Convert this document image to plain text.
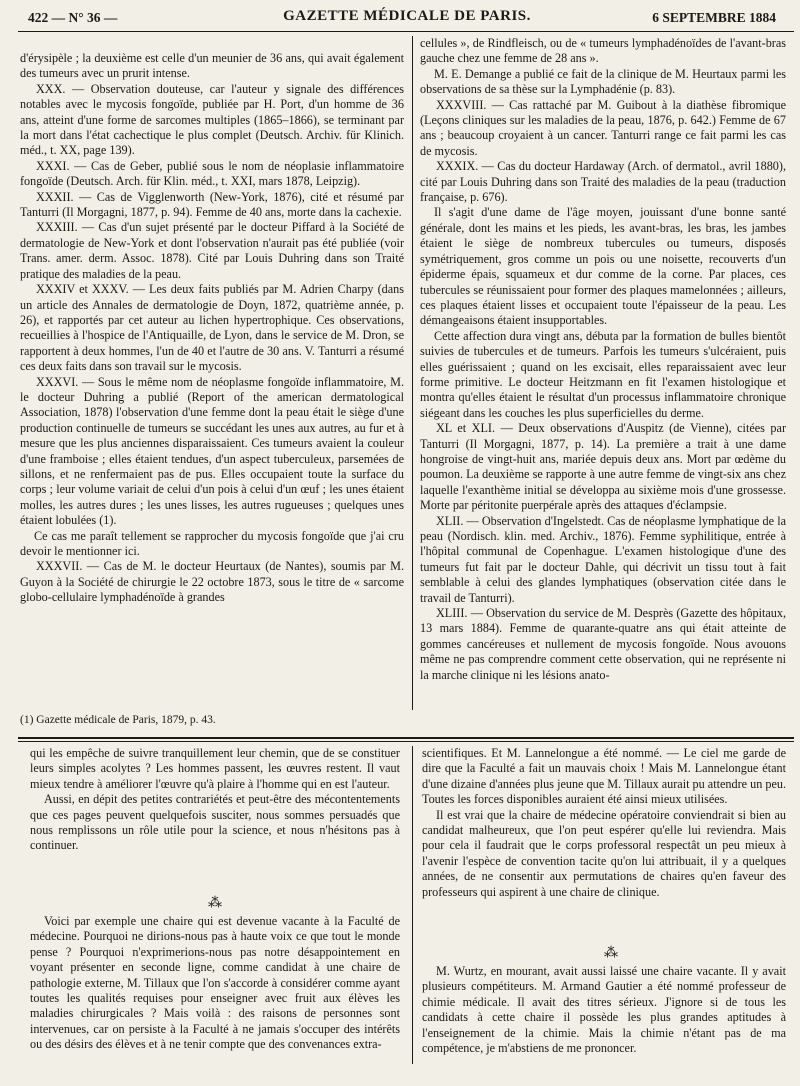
422 — N° 36 —	GAZETTE MÉDICALE DE PARIS.	6 SEPTEMBRE 1884

d'érysipèle ; la deuxième est celle d'un meunier de 36 ans, qui avait également des tumeurs avec un prurit intense.

XXX. — Observation douteuse, car l'auteur y signale des différences notables avec le mycosis fongoïde, publiée par H. Port, d'un homme de 36 ans, atteint d'une forme de sarcomes multiples (1865–1866), se terminant par la mort dans l'état cachectique le plus complet (Deutsch. Archiv. für Klinich. méd., t. XX, page 139).

XXXI. — Cas de Geber, publié sous le nom de néoplasie inflammatoire fongoïde (Deutsch. Arch. für Klin. méd., t. XXI, mars 1878, Leipzig).

XXXII. — Cas de Vigglenworth (New-York, 1876), cité et résumé par Tanturri (Il Morgagni, 1877, p. 94). Femme de 40 ans, morte dans la cachexie.

XXXIII. — Cas d'un sujet présenté par le docteur Piffard à la Société de dermatologie de New-York et dont l'observation n'aurait pas été publiée (voir Trans. amer. derm. Assoc. 1878). Cité par Louis Duhring dans son Traité pratique des maladies de la peau.

XXXIV et XXXV. — Les deux faits publiés par M. Adrien Charpy (dans un article des Annales de dermatologie de Doyn, 1872, quatrième année, p. 26), et rapportés par cet auteur au lichen hypertrophique. Ces observations, recueillies à l'hospice de l'Antiquaille, de Lyon, dans le service de M. Dron, se rapportent à deux hommes, l'un de 40 et l'autre de 30 ans. V. Tanturri a résumé ces deux faits dans son travail sur le mycosis.

XXXVI. — Sous le même nom de néoplasme fongoïde inflammatoire, M. le docteur Duhring a publié (Report of the american dermatological Association, 1878) l'observation d'une femme dont la peau était le siège d'une production continuelle de tumeurs se succédant les unes aux autres, au fur et à mesure que les plus anciennes disparaissaient. Ces tumeurs avaient la couleur d'une framboise ; elles étaient tendues, d'un aspect tuberculeux, parsemées de sillons, et ne renfermaient pas de pus. Elles occupaient toute la surface du corps ; leur volume variait de celui d'un pois à celui d'un œuf ; les unes étaient molles, les autres dures ; les unes lisses, les autres rugueuses ; quelques unes étaient lobulées (1).

Ce cas me paraît tellement se rapprocher du mycosis fongoïde que j'ai cru devoir le mentionner ici.

XXXVII. — Cas de M. le docteur Heurtaux (de Nantes), soumis par M. Guyon à la Société de chirurgie le 22 octobre 1873, sous le titre de « sarcome globo-cellulaire lymphadénoïde à grandes

cellules », de Rindfleisch, ou de « tumeurs lymphadénoïdes de l'avant-bras gauche chez une femme de 28 ans ».

M. E. Demange a publié ce fait de la clinique de M. Heurtaux parmi les observations de sa thèse sur la Lymphadénie (p. 83).

XXXVIII. — Cas rattaché par M. Guibout à la diathèse fibromique (Leçons cliniques sur les maladies de la peau, 1876, p. 642.) Femme de 67 ans ; beaucoup croyaient à un cancer. Tanturri range ce fait parmi les cas de mycosis.

XXXIX. — Cas du docteur Hardaway (Arch. of dermatol., avril 1880), cité par Louis Duhring dans son Traité des maladies de la peau (traduction française, p. 676).

Il s'agit d'une dame de l'âge moyen, jouissant d'une bonne santé générale, dont les mains et les pieds, les avant-bras, les bras, les jambes étaient le siège de nombreux tubercules ou tumeurs, disposés symétriquement, gros comme un pois ou une noisette, recouverts d'un épiderme épais, squameux et dur comme de la corne. Par places, ces tubercules se réunissaient pour former des plaques mamelonnées ; ailleurs, ces plaques étaient lisses et occupaient toute l'épaisseur de la peau. Les démangeaisons étaient insupportables.

Cette affection dura vingt ans, débuta par la formation de bulles bientôt suivies de tubercules et de tumeurs. Parfois les tumeurs s'ulcéraient, puis elles guérissaient ; quand on les excisait, elles reparaissaient avec leur forme primitive. Le docteur Heitzmann en fit l'examen histologique et montra qu'elles étaient le résultat d'un processus inflammatoire chronique siégeant dans les couches les plus superficielles du derme.

XL et XLI. — Deux observations d'Auspitz (de Vienne), citées par Tanturri (Il Morgagni, 1877, p. 14). La première a trait à une dame hongroise de vingt-huit ans, mariée depuis deux ans. Mort par œdème du poumon. La deuxième se rapporte à une autre femme de vingt-six ans chez laquelle l'exanthème initial se développa au sixième mois d'une grossesse. Morte par péritonite puerpérale après des attaques d'éclampsie.

XLII. — Observation d'Ingelstedt. Cas de néoplasme lymphatique de la peau (Nordisch. klin. med. Archiv., 1876). Femme syphilitique, entrée à l'hôpital communal de Copenhague. L'examen histologique d'une des tumeurs fut fait par le docteur Dahle, qui décrivit un tissu tout à fait semblable à celui des glandes lymphatiques (observation citée dans le travail de Tanturri).

XLIII. — Observation du service de M. Desprès (Gazette des hôpitaux, 13 mars 1884). Femme de quarante-quatre ans qui était atteinte de gommes cancéreuses et nullement de mycosis fongoïde. Nous avouons même ne pas comprendre comment cette observation, qui ne représente ni la marche clinique ni les lésions anato-

(1) Gazette médicale de Paris, 1879, p. 43.

qui les empêche de suivre tranquillement leur chemin, que de se constituer leurs simples acolytes ? Les hommes passent, les œuvres restent. Il vaut mieux tendre à améliorer l'œuvre qu'à plaire à l'homme qui en est l'auteur.

Aussi, en dépit des petites contrariétés et peut-être des mécontentements que ces pages peuvent quelquefois susciter, nous sommes persuadés que nous remplissons un rôle utile pour la science, et nous n'hésitons pas à continuer.

⁂

Voici par exemple une chaire qui est devenue vacante à la Faculté de médecine. Pourquoi ne dirions-nous pas à haute voix ce que tout le monde pense ? Pourquoi n'exprimerions-nous pas notre désappointement en voyant présenter en seconde ligne, comme candidat à une chaire de pathologie externe, M. Tillaux que l'on s'accorde à considérer comme ayant toutes les qualités requises pour enseigner avec fruit aux élèves les maladies chirurgicales ? Mais voilà : des raisons de personnes sont intervenues, car on persiste à la Faculté à ne jamais s'occuper des intérêts ou des désirs des élèves et à ne tenir compte que des convenances extra-

scientifiques. Et M. Lannelongue a été nommé. — Le ciel me garde de dire que la Faculté a fait un mauvais choix ! Mais M. Lannelongue étant d'une dizaine d'années plus jeune que M. Tillaux aurait pu attendre un peu. Toutes les forces disponibles auraient été ainsi mieux utilisées.

Il est vrai que la chaire de médecine opératoire conviendrait si bien au candidat malheureux, que l'on peut espérer qu'elle lui reviendra. Mais pour cela il faudrait que le corps professoral respectât un peu mieux à l'avenir l'espèce de convention tacite qu'on lui attribuait, il y a quelques années, de ne consentir aux permutations de chaires qu'en faveur des professeurs qui aspirent à une chaire de clinique.

⁂

M. Wurtz, en mourant, avait aussi laissé une chaire vacante. Il y avait plusieurs compétiteurs. M. Armand Gautier a été nommé professeur de chimie médicale. Il avait des titres sérieux. J'ignore si de tous les candidats à cette chaire il possède les plus grandes aptitudes à l'enseignement de la chimie. Mais la chimie n'étant pas de ma compétence, je m'abstiens de me prononcer.
